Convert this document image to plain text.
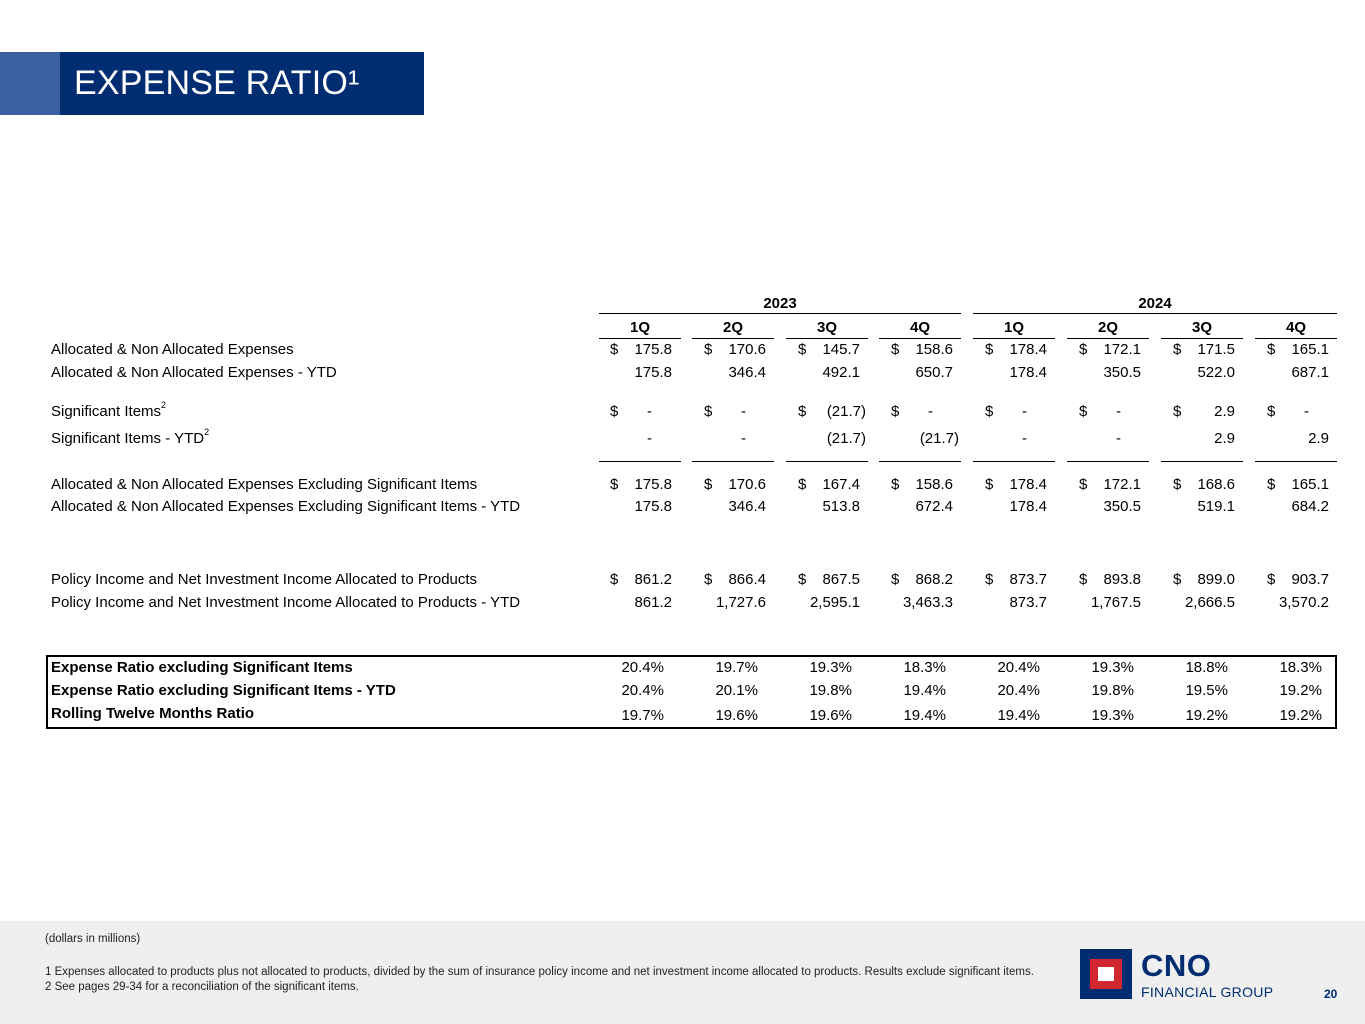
EXPENSE RATIO¹
2023	2024
1Q	2Q	3Q	4Q	1Q	2Q	3Q	4Q
Allocated & Non Allocated Expenses	$	175.8 $	170.6 $	145.7 $	158.6 $	178.4 $	172.1 $	171.5 $	165.1
Allocated & Non Allocated Expenses - YTD	175.8	346.4	492.1	650.7	178.4	350.5	522.0	687.1
Significant Items$^2$	$	-	$	-	$	(21.7) $	-	$	-	$	-	$	2.9 $	-
Significant Items - YTD$^2$	-	-	(21.7)	(21.7)	-	-	2.9	2.9
Allocated & Non Allocated Expenses Excluding Significant Items	$	175.8 $	170.6 $	167.4 $	158.6 $	178.4 $	172.1 $	168.6 $	165.1
Allocated & Non Allocated Expenses Excluding Significant Items - YTD	175.8	346.4	513.8	672.4	178.4	350.5	519.1	684.2
Policy Income and Net Investment Income Allocated to Products	$	861.2 $	866.4 $	867.5 $	868.2 $	873.7 $	893.8 $	899.0 $	903.7
Policy Income and Net Investment Income Allocated to Products - YTD	861.2	1,727.6	2,595.1	3,463.3	873.7	1,767.5	2,666.5	3,570.2
Expense Ratio excluding Significant Items	20.4%	19.7%	19.3%	18.3%	20.4%	19.3%	18.8%	18.3%
Expense Ratio excluding Significant Items - YTD	20.4%	20.1%	19.8%	19.4%	20.4%	19.8%	19.5%	19.2%
Rolling Twelve Months Ratio	19.7%	19.6%	19.6%	19.4%	19.4%	19.3%	19.2%	19.2%
(dollars in millions)
1 Expenses allocated to products plus not allocated to products, divided by the sum of insurance policy income and net investment income allocated to products. Results exclude significant items.
2 See pages 29-34 for a reconciliation of the significant items.
CNO
FINANCIAL GROUP	20
